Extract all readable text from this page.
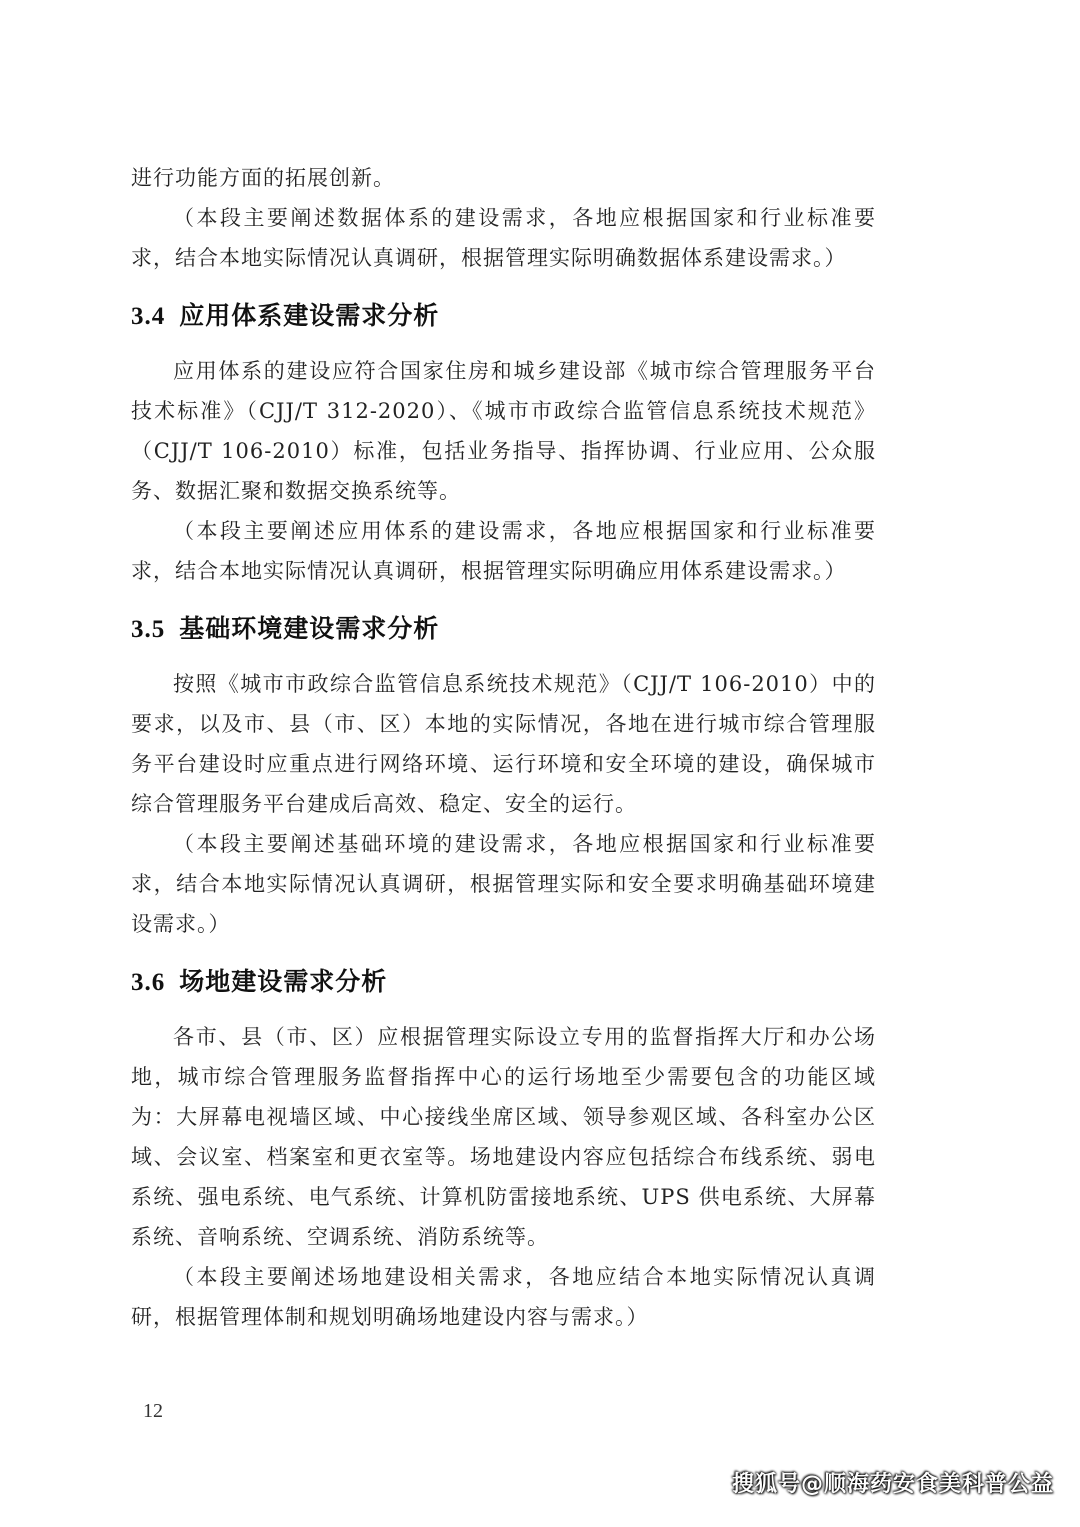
进行功能方面的拓展创新。

（本段主要阐述数据体系的建设需求，各地应根据国家和行业标准要求，结合本地实际情况认真调研，根据管理实际明确数据体系建设需求。）

3.4 应用体系建设需求分析

应用体系的建设应符合国家住房和城乡建设部《城市综合管理服务平台技术标准》（CJJ/T 312-2020）、《城市市政综合监管信息系统技术规范》（CJJ/T 106-2010）标准，包括业务指导、指挥协调、行业应用、公众服务、数据汇聚和数据交换系统等。

（本段主要阐述应用体系的建设需求，各地应根据国家和行业标准要求，结合本地实际情况认真调研，根据管理实际明确应用体系建设需求。）

3.5 基础环境建设需求分析

按照《城市市政综合监管信息系统技术规范》（CJJ/T 106-2010）中的要求，以及市、县（市、区）本地的实际情况，各地在进行城市综合管理服务平台建设时应重点进行网络环境、运行环境和安全环境的建设，确保城市综合管理服务平台建成后高效、稳定、安全的运行。

（本段主要阐述基础环境的建设需求，各地应根据国家和行业标准要求，结合本地实际情况认真调研，根据管理实际和安全要求明确基础环境建设需求。）

3.6 场地建设需求分析

各市、县（市、区）应根据管理实际设立专用的监督指挥大厅和办公场地，城市综合管理服务监督指挥中心的运行场地至少需要包含的功能区域为：大屏幕电视墙区域、中心接线坐席区域、领导参观区域、各科室办公区域、会议室、档案室和更衣室等。场地建设内容应包括综合布线系统、弱电系统、强电系统、电气系统、计算机防雷接地系统、UPS 供电系统、大屏幕系统、音响系统、空调系统、消防系统等。

（本段主要阐述场地建设相关需求，各地应结合本地实际情况认真调研，根据管理体制和规划明确场地建设内容与需求。）

12
搜狐号@顺海药安食美科普公益
